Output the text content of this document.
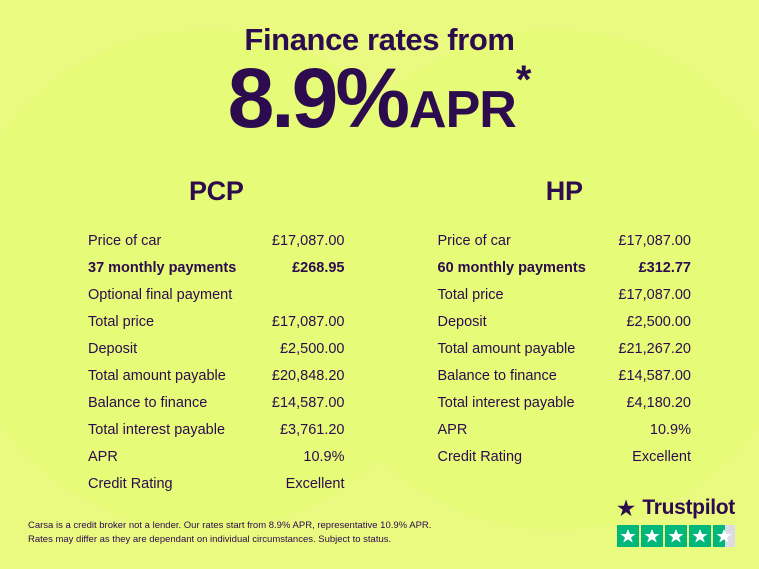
Finance rates from
8.9%APR*
PCP
Price of car	£17,087.00
37 monthly payments	£268.95
Optional final payment
Total price	£17,087.00
Deposit	£2,500.00
Total amount payable	£20,848.20
Balance to finance	£14,587.00
Total interest payable	£3,761.20
APR	10.9%
Credit Rating	Excellent
HP
Price of car	£17,087.00
60 monthly payments	£312.77
Total price	£17,087.00
Deposit	£2,500.00
Total amount payable	£21,267.20
Balance to finance	£14,587.00
Total interest payable	£4,180.20
APR	10.9%
Credit Rating	Excellent
Carsa is a credit broker not a lender. Our rates start from 8.9% APR, representative 10.9% APR.
Rates may differ as they are dependant on individual circumstances. Subject to status.
★ Trustpilot
